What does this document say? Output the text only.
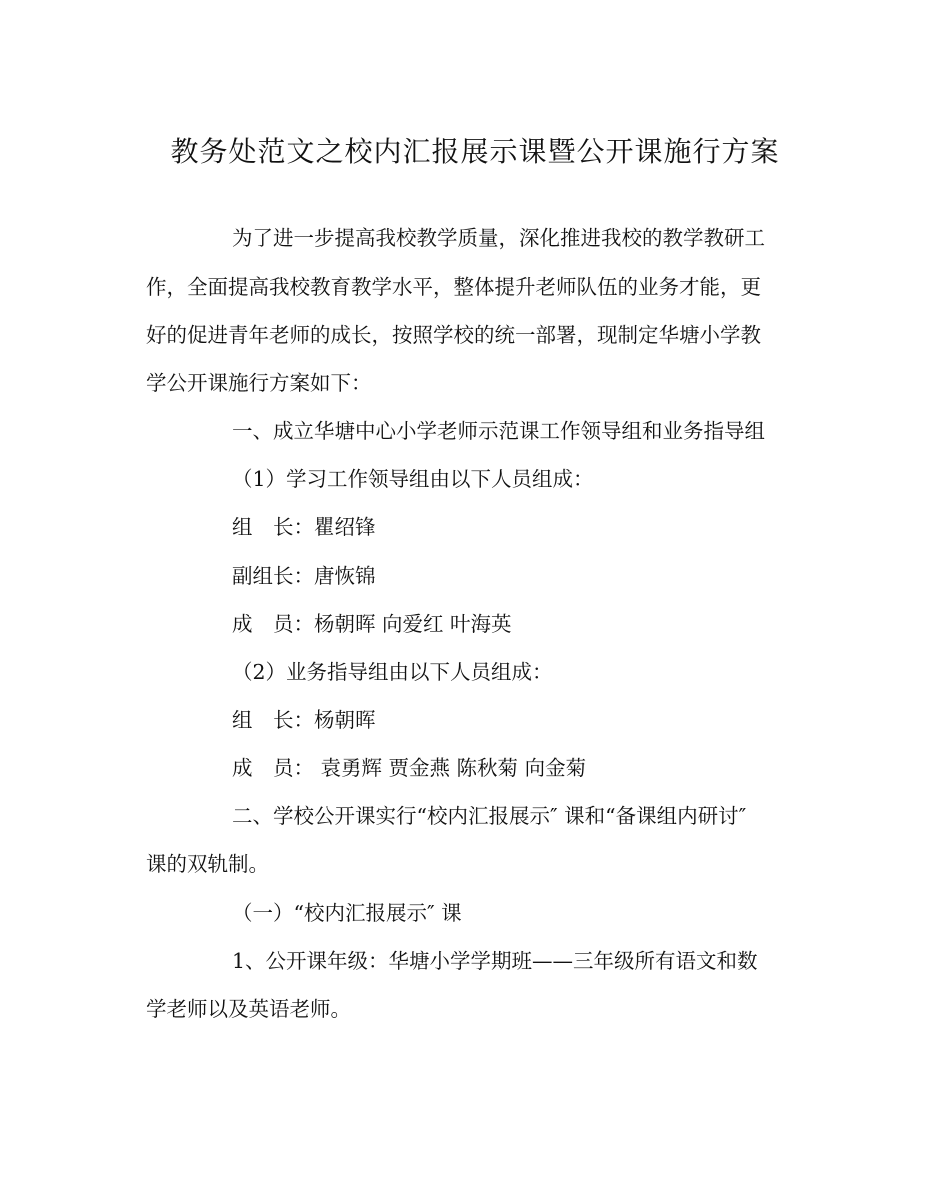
教务处范文之校内汇报展示课暨公开课施行方案
为了进一步提高我校教学质量，深化推进我校的教学教研工
作，全面提高我校教育教学水平，整体提升老师队伍的业务才能，更
好的促进青年老师的成长，按照学校的统一部署，现制定华塘小学教
学公开课施行方案如下：
一、成立华塘中心小学老师示范课工作领导组和业务指导组
（1）学习工作领导组由以下人员组成：
组　长：瞿绍锋
副组长：唐恢锦
成　员：杨朝晖 向爱红 叶海英
（2）业务指导组由以下人员组成：
组　长：杨朝晖
成　员： 袁勇辉 贾金燕 陈秋菊 向金菊
二、学校公开课实行“校内汇报展示″ 课和“备课组内研讨″
课的双轨制。
（一）“校内汇报展示″ 课
1、公开课年级：华塘小学学期班——三年级所有语文和数
学老师以及英语老师。
